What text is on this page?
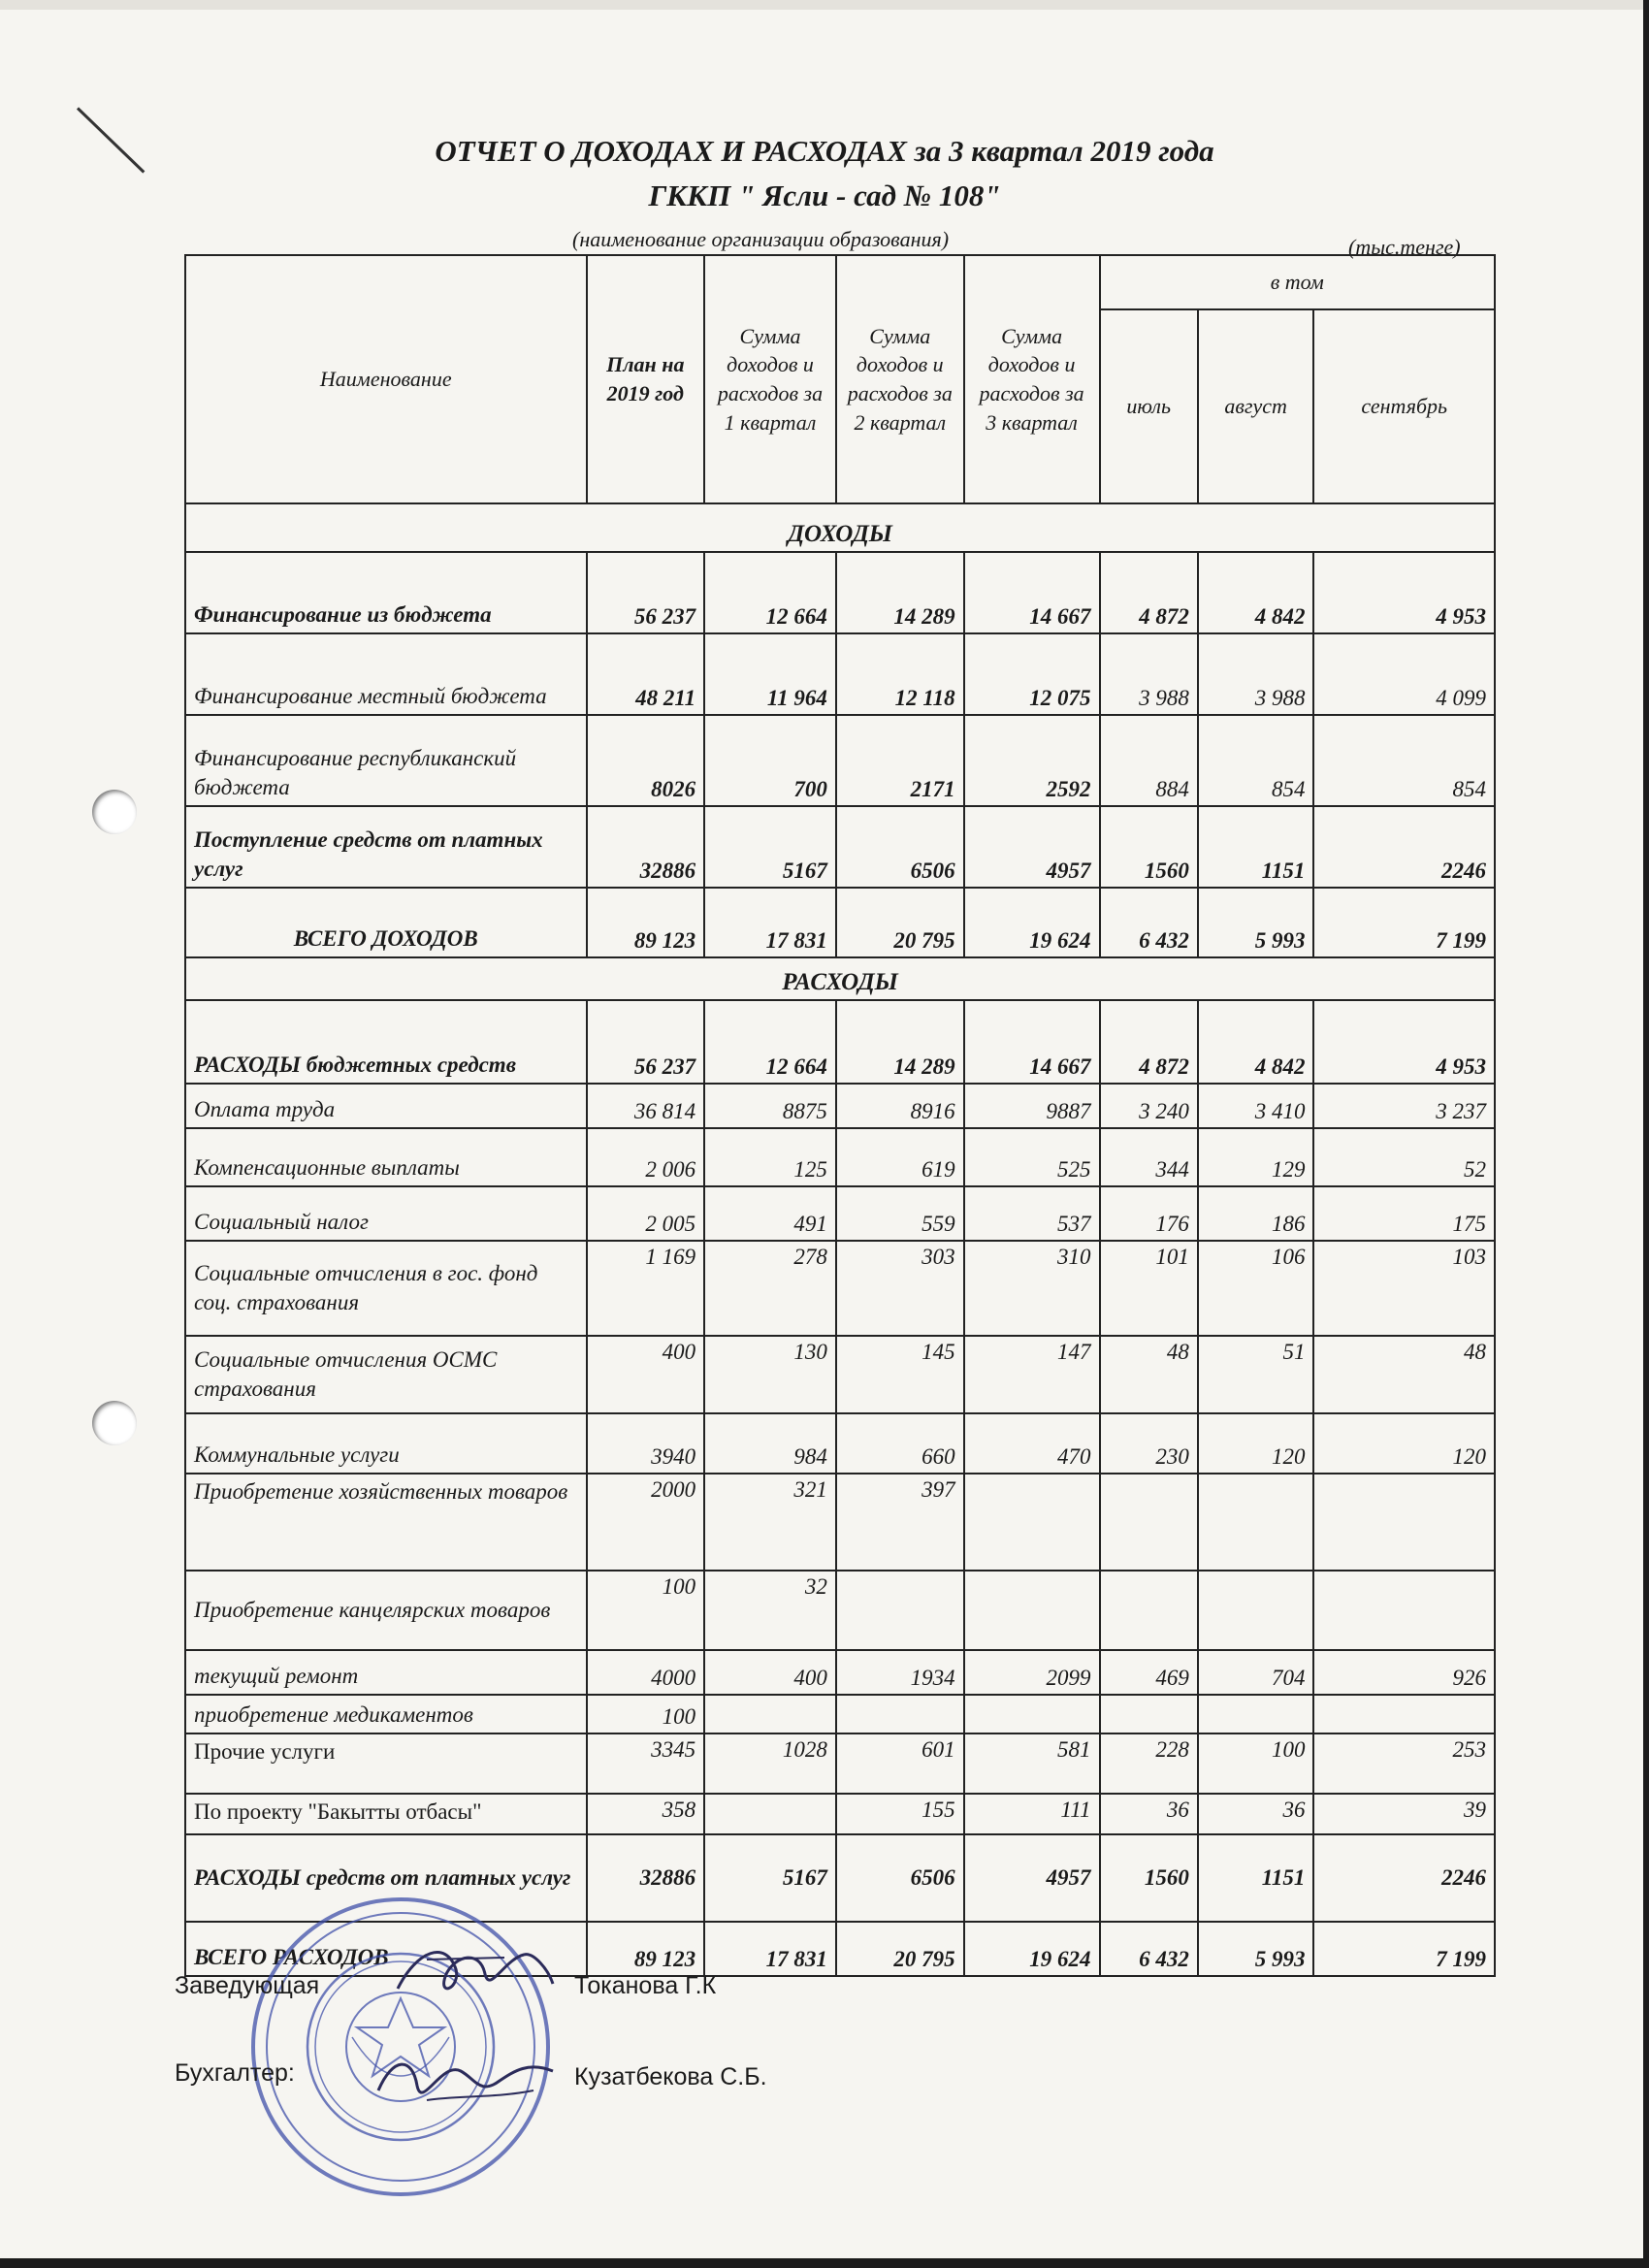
ОТЧЕТ О ДОХОДАХ И РАСХОДАХ за 3 квартал 2019 года
ГККП " Ясли - сад № 108"
(наименование организации образования)	(тыс.тенге)
Наименование	План на 2019 год	Сумма доходов и расходов за 1 квартал	Сумма доходов и расходов за 2 квартал	Сумма доходов и расходов за 3 квартал	в том		
					июль	август	сентябрь
ДОХОДЫ							
Финансирование из бюджета	56 237	12 664	14 289	14 667	4 872	4 842	4 953
Финансирование местный бюджета	48 211	11 964	12 118	12 075	3 988	3 988	4 099
Финансирование республиканский бюджета	8026	700	2171	2592	884	854	854
Поступление средств от платных услуг	32886	5167	6506	4957	1560	1151	2246
ВСЕГО ДОХОДОВ	89 123	17 831	20 795	19 624	6 432	5 993	7 199
РАСХОДЫ							
РАСХОДЫ бюджетных средств	56 237	12 664	14 289	14 667	4 872	4 842	4 953
Оплата труда	36 814	8875	8916	9887	3 240	3 410	3 237
Компенсационные выплаты	2 006	125	619	525	344	129	52
Социальный налог	2 005	491	559	537	176	186	175
Социальные отчисления в гос. фонд соц. страхования	1 169	278	303	310	101	106	103
Социальные отчисления ОСМС страхования	400	130	145	147	48	51	48
Коммунальные услуги	3940	984	660	470	230	120	120
Приобретение хозяйственных товаров	2000	321	397				
Приобретение канцелярских товаров	100	32					
текущий ремонт	4000	400	1934	2099	469	704	926
приобретение медикаментов	100						
Прочие услуги	3345	1028	601	581	228	100	253
По проекту "Бакытты отбасы"	358		155	111	36	36	39
РАСХОДЫ средств от платных услуг	32886	5167	6506	4957	1560	1151	2246
ВСЕГО РАСХОДОВ	89 123	17 831	20 795	19 624	6 432	5 993	7 199
Заведующая	Токанова Г.К
Бухгалтер:	Кузатбекова С.Б.
